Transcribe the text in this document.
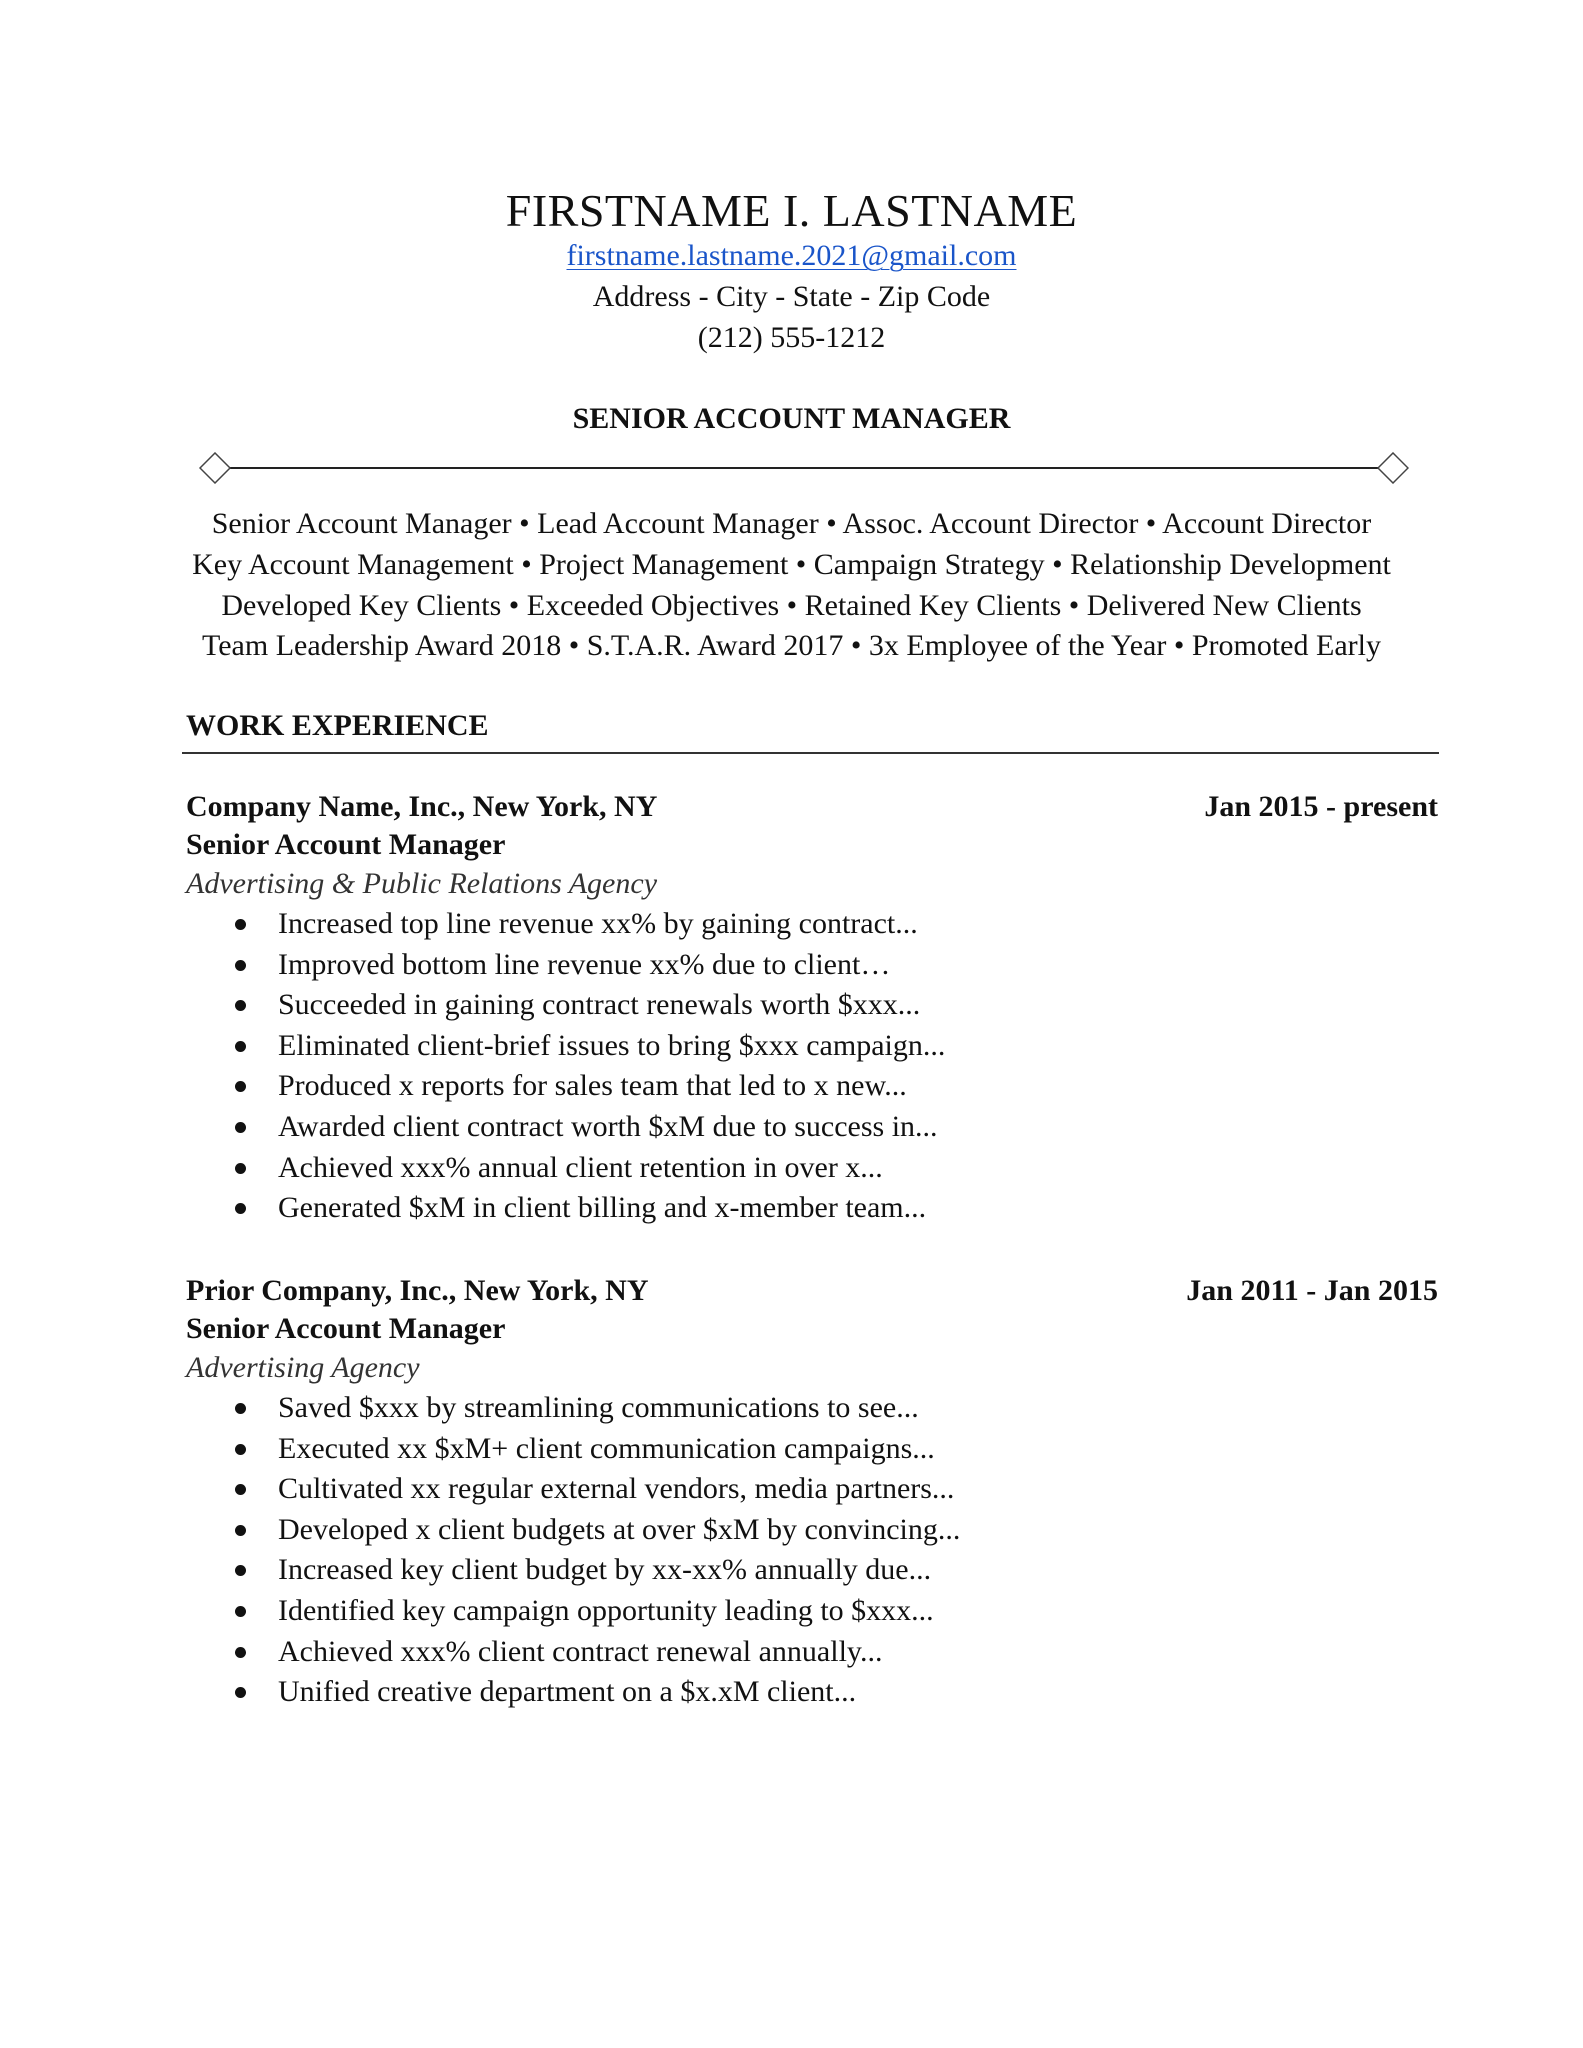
FIRSTNAME I. LASTNAME
firstname.lastname.2021@gmail.com
Address - City - State - Zip Code
(212) 555-1212
SENIOR ACCOUNT MANAGER
Senior Account Manager • Lead Account Manager • Assoc. Account Director • Account Director
Key Account Management • Project Management • Campaign Strategy • Relationship Development
Developed Key Clients • Exceeded Objectives • Retained Key Clients • Delivered New Clients
Team Leadership Award 2018 • S.T.A.R. Award 2017 • 3x Employee of the Year • Promoted Early
WORK EXPERIENCE
Company Name, Inc., New York, NY	Jan 2015 - present
Senior Account Manager
Advertising & Public Relations Agency
Increased top line revenue xx% by gaining contract...
Improved bottom line revenue xx% due to client…
Succeeded in gaining contract renewals worth $xxx...
Eliminated client-brief issues to bring $xxx campaign...
Produced x reports for sales team that led to x new...
Awarded client contract worth $xM due to success in...
Achieved xxx% annual client retention in over x...
Generated $xM in client billing and x-member team...
Prior Company, Inc., New York, NY	Jan 2011 - Jan 2015
Senior Account Manager
Advertising Agency
Saved $xxx by streamlining communications to see...
Executed xx $xM+ client communication campaigns...
Cultivated xx regular external vendors, media partners...
Developed x client budgets at over $xM by convincing...
Increased key client budget by xx-xx% annually due...
Identified key campaign opportunity leading to $xxx...
Achieved xxx% client contract renewal annually...
Unified creative department on a $x.xM client...
